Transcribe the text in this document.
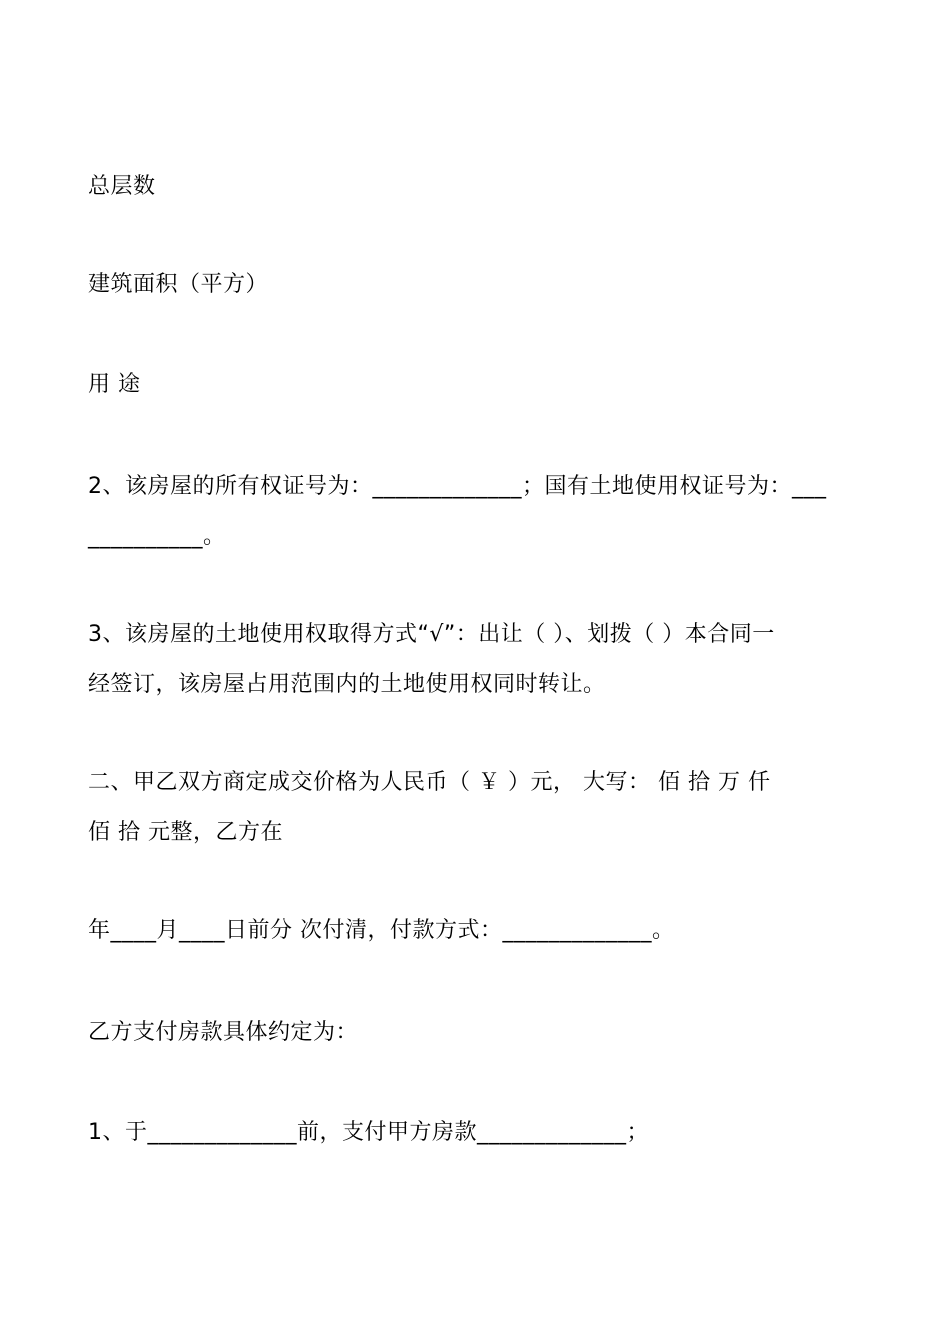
总层数
建筑面积（平方）
用 途
2、该房屋的所有权证号为：_____________；国有土地使用权证号为：___
__________。
3、该房屋的土地使用权取得方式“√”：出让（ ）、划拨（ ）本合同一
经签订，该房屋占用范围内的土地使用权同时转让。
二、甲乙双方商定成交价格为人民币（ ￥ ）元， 大写： 佰 拾 万 仟
佰 拾 元整，乙方在
年____月____日前分 次付清，付款方式：_____________。
乙方支付房款具体约定为：
1、于_____________前，支付甲方房款_____________；
